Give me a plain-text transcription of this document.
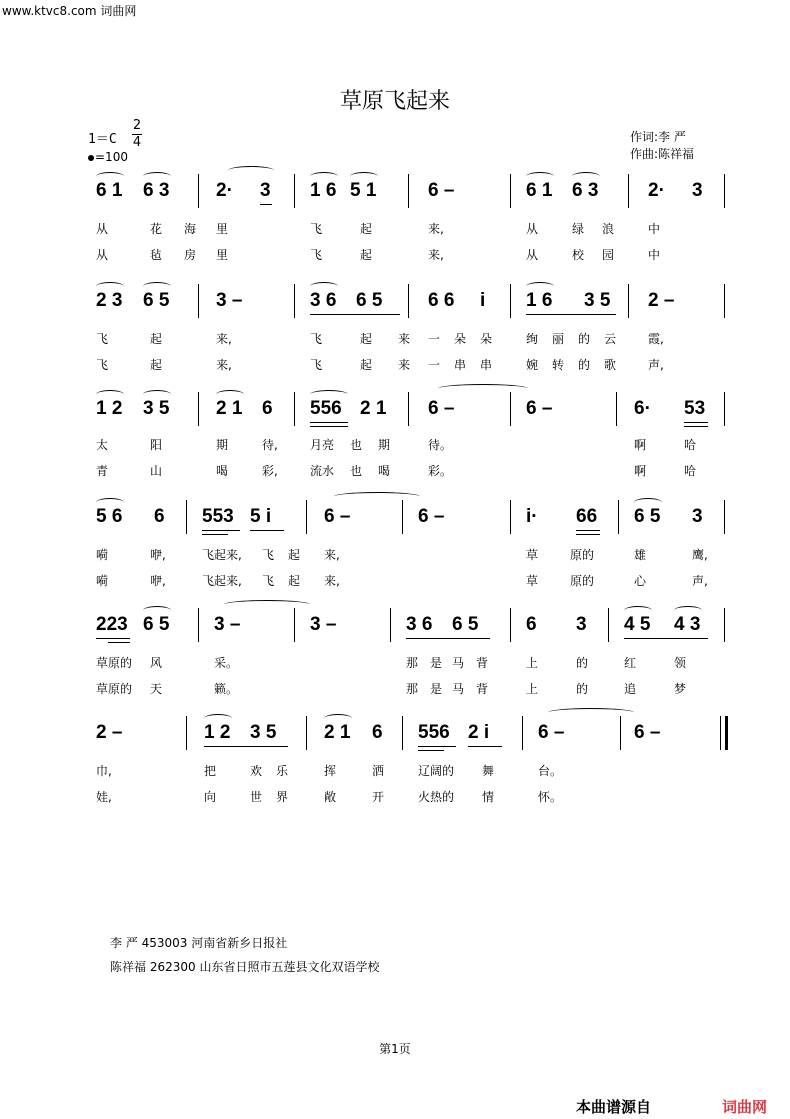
www.ktvc8.com 词曲网
草原飞起来
1＝C
2
4
=100
作词:李 严
作曲:陈祥福
6 1 6 3 2· 3 1 6 5 1	6 –	6 1 6 3	2· 3
从	花 海 里	飞	起	来,	从	绿 浪	中
从	毡 房 里	飞	起	来,	从	校 园	中
2 3 6 5 3 –	3 6 6 5 6 6 i 1 6 3 5 2 –
飞	起	来,	飞	起 来 一 朵 朵	绚 丽 的 云	霞,
飞	起	来,	飞	起 来 一 串 串	婉 转 的 歌	声,
1 2 3 5 2 1 6 556 2 1 6 –	6 –	6· 53
太	阳	期	待,	月亮 也 期	待。	啊	哈
青	山	喝	彩,	流水 也 喝	彩。	啊	哈
5 6 6 553 5 i	6 –	6 –	i· 66 6 5 3
嗬	咿,	飞起来, 飞 起 来,	草	原的	雄	鹰,
嗬	咿,	飞起来, 飞 起 来,	草	原的	心	声,
223 6 5 3 –	3 –	3 6 6 5	6 3 4 5 4 3
草原的 风	采。	那 是 马 背	上	的	红	领
草原的 天	籁。	那 是 马 背	上	的	追	梦
2 –	1 2 3 5	2 1 6 556 2 i	6 –	6 –
巾,	把	欢 乐	挥	洒	辽阔的 舞	台。
娃,	向	世 界	敞	开	火热的 情	怀。
李 严 453003 河南省新乡日报社
陈祥福 262300 山东省日照市五莲县文化双语学校
第1页
本曲谱源自	词曲网
